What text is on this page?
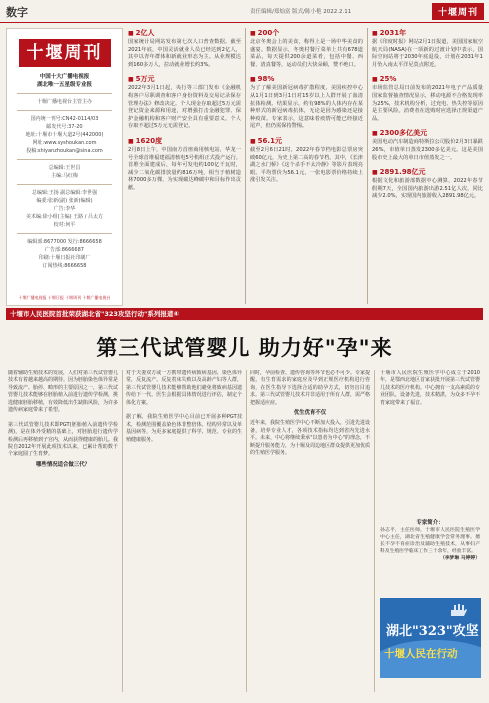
数字	责任编辑/郑灿富 版式/陈小艳 2022.2.11	十堰周刊
十堰周刊
中国十大广播电视报
湖北唯一五星级专业报
十堰广播电视台主管主办
国内统一刊号:CN42-0114/03
邮发代号:37-20
地址:十堰市十堰大道2号(442000)
网址:www.syshoukan.com
投稿:shiyanzhoukan@sina.com
总编辑:王世昌
主编:马红梅
总编辑:王扬 副总编辑:李世强
编委:张新(副) 张新(编辑)
广告:李华
美术编:徐小组(主编) 王路 / 吕太方
校对:何平
编辑部:8677000 发行:8666658
广告部:8666687
印刷:十堰日报社印刷厂
订阅热线:8666658
十堰广播电视报 十堰日报 十堰周刊 十堰广播电视台
■ 2亿人
国家统计局网站发布第七次人口普查数据。截至2021年底，中国灵活就业人员已经达到2亿人，其中以青年群体和新就业形态为主。从业规模达到160多万人，拉动就业增长约3%。
■ 5万元
2022年3月1日起，央行等三部门发布《金融机构客户尽职调查和客户身份资料及交易记录保存管理办法》修改决定。个人现金存取超过5万元需登记资金来源和用途，对增强打击金融犯罪、保护金融机构和客户财产安全具有重要意义。个人存取不超过5万元无需登记。
■ 1620度
2月8日上午，中国南方首座商用核电站，华龙一号全球首堆福建福清核电5号机组正式投产运行。首堆全面建成后，每年可发电约100亿千瓦时，减少二氧化碳排放量约816万吨，相当于植树造林7000多万棵，为实现碳达峰碳中和目标作出贡献。
■ 200个
北京冬奥会上的美食，称得上是一场中华美食的盛宴。数据显示，冬奥村餐厅菜单上共有678道菜品，每天提供200余道菜肴，包括中餐、西餐、清真餐等，运动员们大快朵颐，赞不绝口。
■ 98%
为了了解美国新冠病毒扩散程度，美国疾控中心从1月1日到3月1日对15岁以上人群开展了血清抗体检测。结果显示，约有98%的人体内存在某种形式的新冠病毒抗体，无论是因为感染还是接种疫苗。专家表示，这意味着疫情可能已经接近尾声，但仍需保持警惕。
■ 56.1元
截至2月6日21时，2022年春节档电影总票房突破60亿元，为史上第二高的春节档。其中，《长津湖之水门桥》《这个杀手不太冷静》等影片表现亮眼。平均票价为56.1元，一张电影票价格持续上涨引发关注。
■ 2031年
据《印度时报》网站2月1日报道，美国国家航空航天局(NASA)在一项新的过渡计划中表示，国际空间站将于2030年底退役，计划在2031年1月坠入南太平洋尼莫点附近。
■ 25%
市场监管总局日前发布的2021年电子产品质量国家监督抽查情况显示，移动电源不合格发现率为25%，技术机构分析，过充电、热失控等原因是主要风险。消费者在选购时应选择正规渠道产品。
■ 2300多亿美元
美国电动汽车制造商特斯拉公司股价2月3日暴跌26%，市值单日蒸发2300多亿美元。这是美国股市史上最大的单日市值蒸发之一。
■ 2891.98亿元
根据文化和旅游部数据中心测算，2022年春节假期7天，全国国内旅游出游2.51亿人次，同比减少2.0%，实现国内旅游收入2891.98亿元。
十堰市人民医院首批荣获湖北省"323攻坚行动"系列报道④
第三代试管婴儿 助力好"孕"来
随着辅助生殖技术的发展，人们对第三代试管婴儿技术有着越来越高的期待。因为胚胎染色体异常是导致流产、胎停、畸形的主要原因之一，第三代试管婴儿技术能够在胚胎植入前进行遗传学检测，挑选健康胚胎移植，有效降低出生缺陷风险，为许多遗传病家庭带来了希望。

第三代试管婴儿技术即PGT(胚胎植入前遗传学检测)，是在体外受精的基础上，对胚胎进行遗传学检测后再移植到子宫内，从而获得健康的胎儿。我院自2012年开展此项技术以来，已累计帮助数千个家庭圆了生育梦。
哪些情况适合做三代？
对于夫妻双方或一方携带遗传病致病基因、染色体异常，反复流产、反复着床失败以及高龄产妇等人群，第三代试管婴儿技术能够帮助他们避免将致病基因遗传给下一代。医生会根据具体情况进行评估，制定个体化方案。

据了解，我院生殖医学中心目前已开展多种PGT技术，检测范围覆盖染色体非整倍体、结构异常以及单基因病等，为更多家庭提供了科学、规范、专业的生殖健康服务。
同时，孕前检查、遗传咨询等环节也必不可少。专家提醒，有生育需求的家庭应及早到正规医疗机构进行咨询，在医生指导下选择合适的助孕方式，切勿盲目追求。第三代试管婴儿技术并非适用于所有人群，需严格把握适应症。
优生优育不仅
近年来，我院生殖医学中心不断加大投入，引进先进设备，培养专业人才，各项技术指标均达到省内先进水平。未来，中心将继续秉承"以患者为中心"的理念，不断提升服务能力，为十堰及周边地区群众提供更加优质的生殖医学服务。
十堰市人民医院生殖医学中心成立于2010年，是鄂西北地区首家获批开展第三代试管婴儿技术的医疗机构。中心拥有一支高素质的专业团队，设备先进，技术精湛，为众多不孕不育家庭带来了福音。
专家简介：
孙志平，主任医师，十堰市人民医院生殖医学中心主任，湖北省生殖健康学会常务理事。擅长不孕不育症诊治及辅助生殖技术，从事妇产科及生殖医学临床工作三十余年，经验丰富。
（李梦琳 马婷婷）
湖北"323"攻坚
十堰人民在行动
